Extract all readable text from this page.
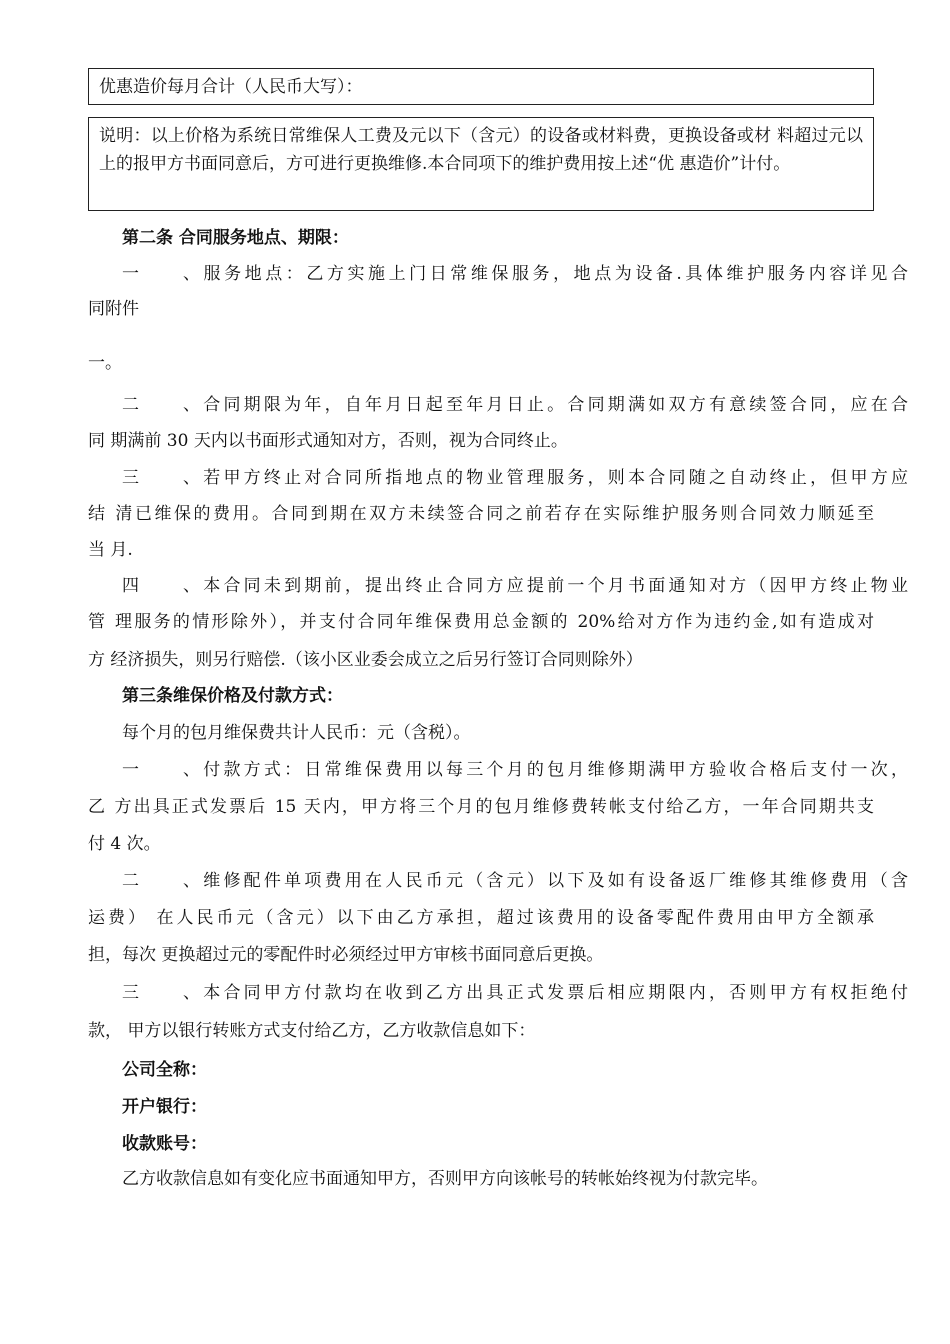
优惠造价每月合计（人民币大写）：
说明：以上价格为系统日常维保人工费及元以下（含元）的设备或材料费，更换设备或材 料超过元以上的报甲方书面同意后，方可进行更换维修.本合同项下的维护费用按上述“优 惠造价”计付。
第二条 合同服务地点、期限：
一、服务地点：乙方实施上门日常维保服务，地点为设备.具体维护服务内容详见合
同附件
一。
二、合同期限为年，自年月日起至年月日止。合同期满如双方有意续签合同，应在合
同 期满前 30 天内以书面形式通知对方，否则，视为合同终止。
三、若甲方终止对合同所指地点的物业管理服务，则本合同随之自动终止，但甲方应
结 清已维保的费用。合同到期在双方未续签合同之前若存在实际维护服务则合同效力顺延至
当 月.
四、本合同未到期前，提出终止合同方应提前一个月书面通知对方（因甲方终止物业
管 理服务的情形除外），并支付合同年维保费用总金额的 20%给对方作为违约金,如有造成对
方 经济损失，则另行赔偿.（该小区业委会成立之后另行签订合同则除外）
第三条维保价格及付款方式：
每个月的包月维保费共计人民币：元（含税）。
一、付款方式：日常维保费用以每三个月的包月维修期满甲方验收合格后支付一次，
乙 方出具正式发票后 15 天内，甲方将三个月的包月维修费转帐支付给乙方，一年合同期共支
付 4 次。
二、维修配件单项费用在人民币元（含元）以下及如有设备返厂维修其维修费用（含
运费） 在人民币元（含元）以下由乙方承担，超过该费用的设备零配件费用由甲方全额承
担，每次 更换超过元的零配件时必须经过甲方审核书面同意后更换。
三、本合同甲方付款均在收到乙方出具正式发票后相应期限内，否则甲方有权拒绝付
款， 甲方以银行转账方式支付给乙方，乙方收款信息如下：
公司全称：
开户银行：
收款账号：
乙方收款信息如有变化应书面通知甲方，否则甲方向该帐号的转帐始终视为付款完毕。
